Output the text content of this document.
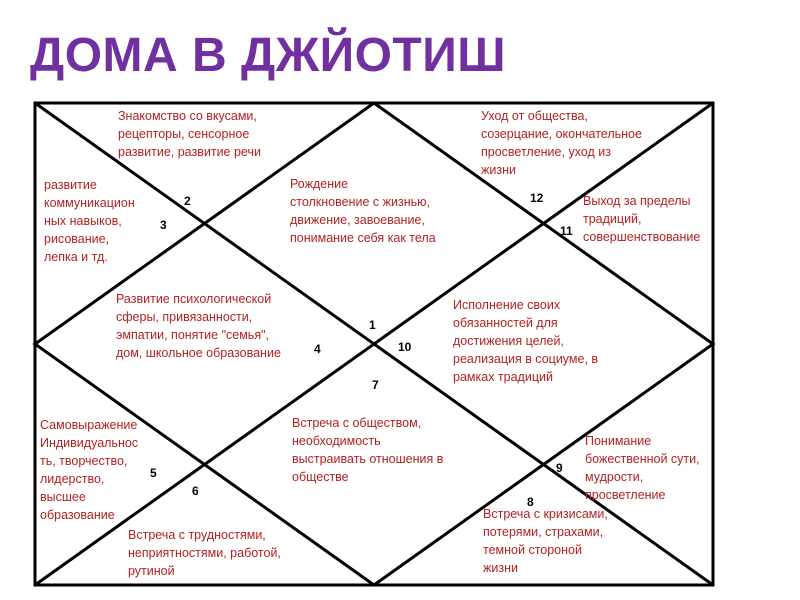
ДОМА В ДЖЙОТИШ
Рождение
столкновение с жизнью,
движение, завоевание,
понимание себя как тела
1
Знакомство со вкусами,
рецепторы, сенсорное
развитие, развитие речи
2
развитие
коммуникацион
ных навыков,
рисование,
лепка и тд.
3
Развитие психологической
сферы, привязанности,
эмпатии, понятие "семья",
дом, школьное образование	4
Самовыражение
Индивидуальнос
ть, творчество,
лидерство,
высшее
образование
5
Встреча с трудностями,
неприятностями, работой,
рутиной
6
Встреча с обществом,
необходимость
выстраивать отношения в
обществе
7
Встреча с кризисами,
потерями, страхами,
темной стороной
жизни
8
Понимание
божественной сути,
мудрости,
просветление
9
Исполнение своих
обязанностей для
достижения целей,
реализация в социуме, в
рамках традиций
10
Выход за пределы
традиций,
совершенствование
11
Уход от общества,
созерцание, окончательное
просветление, уход из
жизни
12
